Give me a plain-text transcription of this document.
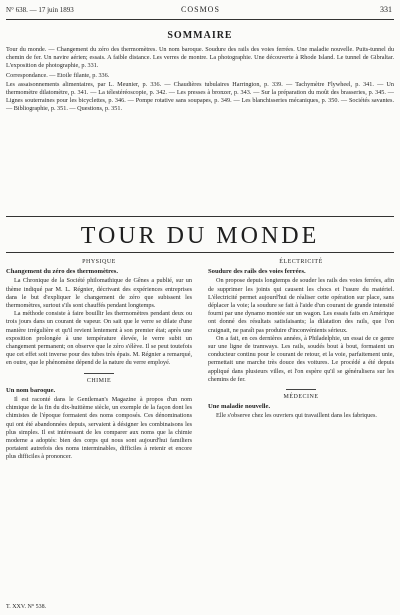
N° 638. — 17 juin 1893	COSMOS	331
SOMMAIRE

Tour du monde. — Changement du zéro des thermomètres. Un nom baroque. Soudure des rails des voies ferrées. Une maladie nouvelle. Puits-tunnel du chemin de fer. Un navire aérien; essais. A faible distance. Les verres de montre. La photographie. Une découverte à Rhode Island. Le tunnel de Gibraltar. L'exposition de photographie, p. 331.

Correspondance. — Etoile filante, p. 336.

Les assaisonnements alimentaires, par L. Meunier, p. 336. — Chaudières tubulaires Harrington, p. 339. — Tachymètre Flywheel, p. 341. — Un thermomètre dilatomètre, p. 341. — La télestéréoscopie, p. 342. — Les presses à bronzer, p. 343. — Sur la préparation du moût des brasseries, p. 345. — Lignes souterraines pour les bicyclettes, p. 346. — Pompe rotative sans soupapes, p. 349. — Les blanchisseries mécaniques, p. 350. — Sociétés savantes. — Bibliographie, p. 351. — Questions, p. 351.

TOUR DU MONDE
PHYSIQUE
Changement du zéro des thermomètres.

La Chronique de la Société philomathique de Gênes a publié, sur un thème indiqué par M. L. Régnier, décrivant des expériences entreprises dans le but d'expliquer le changement de zéro que subissent les thermomètres, surtout s'ils sont chauffés pendant longtemps.

La méthode consiste à faire bouillir les thermomètres pendant deux ou trois jours dans un courant de vapeur. On sait que le verre se dilate d'une manière irrégulière et qu'il revient lentement à son premier état; après une exposition prolongée à une température élevée, le verre subit un changement permanent; on observe que le zéro s'élève. Il se peut toutefois que cet effet soit inverse pour des tubes très épais. M. Régnier a remarqué, en outre, que le phénomène dépend de la nature du verre employé.

CHIMIE
Un nom baroque.

Il est raconté dans le Gentleman's Magazine à propos d'un nom chimique de la fin du dix-huitième siècle, un exemple de la façon dont les chimistes de l'époque formaient des noms composés. Ces dénominations qui ont été abandonnées depuis, servaient à désigner les combinaisons les plus simples. Il est intéressant de les comparer aux noms que la chimie moderne a adoptés: bien des corps qui nous sont aujourd'hui familiers portaient autrefois des noms interminables, difficiles à retenir et encore plus difficiles à prononcer.

ÉLECTRICITÉ
Soudure des rails des voies ferrées.

On propose depuis longtemps de souder les rails des voies ferrées, afin de supprimer les joints qui causent les chocs et l'usure du matériel. L'électricité permet aujourd'hui de réaliser cette opération sur place, sans déplacer la voie; la soudure se fait à l'aide d'un courant de grande intensité fourni par une dynamo montée sur un wagon. Les essais faits en Amérique ont donné des résultats satisfaisants; la dilatation des rails, que l'on craignait, ne paraît pas produire d'inconvénients sérieux.

On a fait, en ces dernières années, à Philadelphie, un essai de ce genre sur une ligne de tramways. Les rails, soudés bout à bout, formaient un conducteur continu pour le courant de retour, et la voie, parfaitement unie, permettait une marche très douce des voitures. Le procédé a été depuis appliqué dans plusieurs villes, et l'on espère qu'il se généralisera sur les chemins de fer.

MÉDECINE
Une maladie nouvelle.

Elle s'observe chez les ouvriers qui travaillent dans les fabriques.

T. XXV. N° 538.
